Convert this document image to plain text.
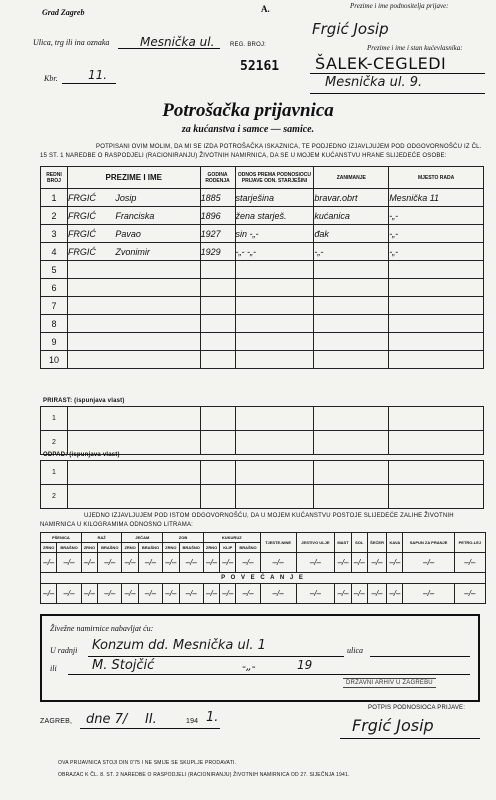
Grad Zagreb
Ulica, trg ili ina oznaka	Mesnička ul.
Kbr.	11.
A.
REG. BROJ:
52161
Prezime i ime podnositelja prijave:
Frgić Josip
Prezime i ime i stan kućevlasnika:
ŠALEK-CEGLEDI
Mesnička ul. 9.
Potrošačka prijavnica
za kućanstva i samce — samice.
POTPISANI OVIM MOLIM, DA MI SE IZDA POTROŠAČKA ISKAZNICA, TE PODJEDNO IZJAVLJUJEM POD ODGOVORNOŠĆU IZ ČL. 15 ST. 1 NAREDBE O RASPODJELI (RACIONIRANJU) ŽIVOTNIH NAMIRNICA, DA SE U MOJEM KUĆANSTVU HRANE SLIJEDEĆE OSOBE:
REDNI BROJ	PREZIME I IME		GODINA RODENJA	ODNOS PREMA PODNOSIOCU PRIJAVE ODN. STARJEŠINI	ZANIMANJE	MJESTO RADA
1	FRGIĆ	Josip	1885	starješina	bravar.obrt	Mesnička 11
2	FRGIĆ	Franciska	1896	žena starješ.	kućanica	-„-
3	FRGIĆ	Pavao	1927	sin -„-	đak	-„-
4	FRGIĆ	Zvonimir	1929	-„- -„-	-„-	-„-
5						
6						
7						
8						
9						
10						
PRIRAST: (ispunjava vlast)
1					
2					
ODPAD: (ispunjava vlast)
1					
2					
UJEDNO IZJAVLJUJEM POD ISTOM ODGOVORNOŠĆU, DA U MOJEM KUĆANSTVU POSTOJE SLIJEDEĆE ZALIHE ŽIVOTNIH NAMIRNICA U KILOGRAMIMA ODNOSNO LITRAMA:
PŠENICA		RAŽ		JEČAM		ZOB		KUKURUZ			TJESTE-NINE	JESTIVO ULJE	MAST	SOL	ŠEĆER	KAVA	SAPUN ZA PRANJE	PETRO-LEJ
ZRNO	BRAŠNO	ZRNO	BRAŠNO	ZRNO	BRAŠNO	ZRNO	BRAŠNO	ZRNO	KLIP	BRAŠNO								
–/–	–/–	–/–	–/–	–/–	–/–	–/–	–/–	–/–	–/–	–/–	–/–	–/–	–/–	–/–	–/–	–/–	–/–	–/–
P O V E Ć A N J E																		
–/–	–/–	–/–	–/–	–/–	–/–	–/–	–/–	–/–	–/–	–/–	–/–	–/–	–/–	–/–	–/–	–/–	–/–	–/–
Živežne namirnice nabavljat ću:
U radnji Konzum dd. Mesnička ul. 1	ulica
ili	M. Stojčić	-„-	19
DRŽAVNI ARHIV U ZAGREBU
ZAGREB, dne 7/ II.	194 1.
POTPIS PODNOSIOCA PRIJAVE:
Frgić Josip
OVA PRIJAVNICA STOJI DIN 0'75 I NE SMIJE SE SKUPLJE PRODAVATI.
OBRAZAC K ČL. 8. ST. 2 NAREDBE O RASPODJELI (RACIONIRANJU) ŽIVOTNIH NAMIRNICA OD 27. SIJEČNJA 1941.
